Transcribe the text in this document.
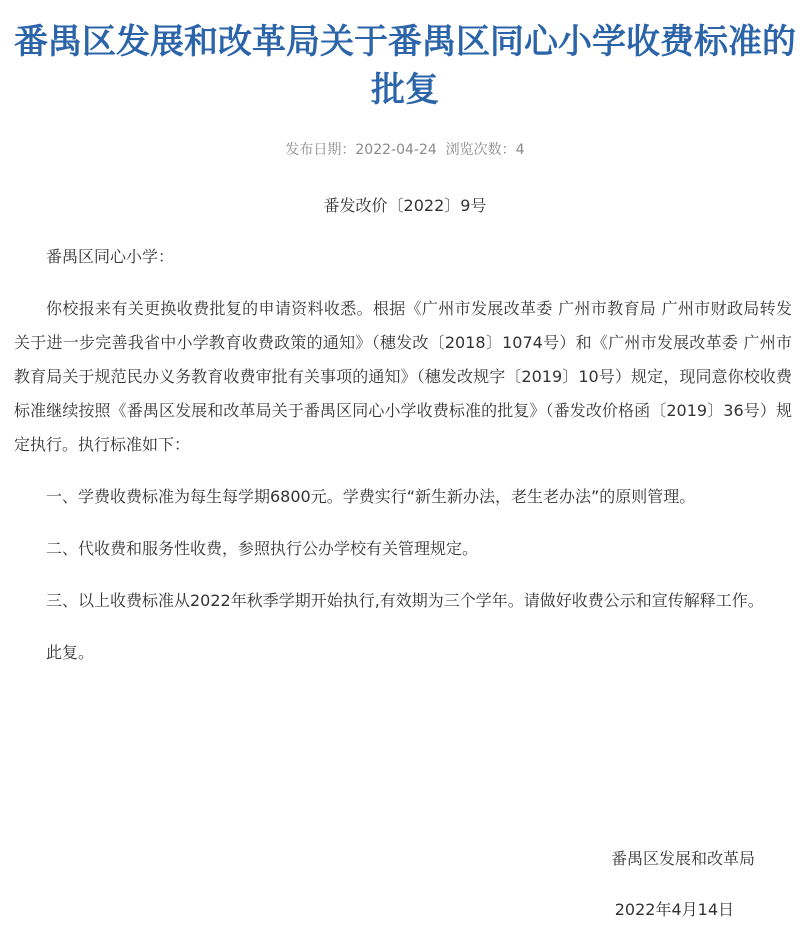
番禺区发展和改革局关于番禺区同心小学收费标准的批复
发布日期：2022-04-24 浏览次数：4
番发改价〔2022〕9号

番禺区同心小学：

你校报来有关更换收费批复的申请资料收悉。根据《广州市发展改革委 广州市教育局 广州市财政局转发关于进一步完善我省中小学教育收费政策的通知》（穗发改〔2018〕1074号）和《广州市发展改革委 广州市教育局关于规范民办义务教育收费审批有关事项的通知》（穗发改规字〔2019〕10号）规定，现同意你校收费标准继续按照《番禺区发展和改革局关于番禺区同心小学收费标准的批复》（番发改价格函〔2019〕36号）规定执行。执行标准如下：

一、学费收费标准为每生每学期6800元。学费实行“新生新办法，老生老办法”的原则管理。

二、代收费和服务性收费，参照执行公办学校有关管理规定。

三、以上收费标准从2022年秋季学期开始执行,有效期为三个学年。请做好收费公示和宣传解释工作。

此复。

番禺区发展和改革局
2022年4月14日
